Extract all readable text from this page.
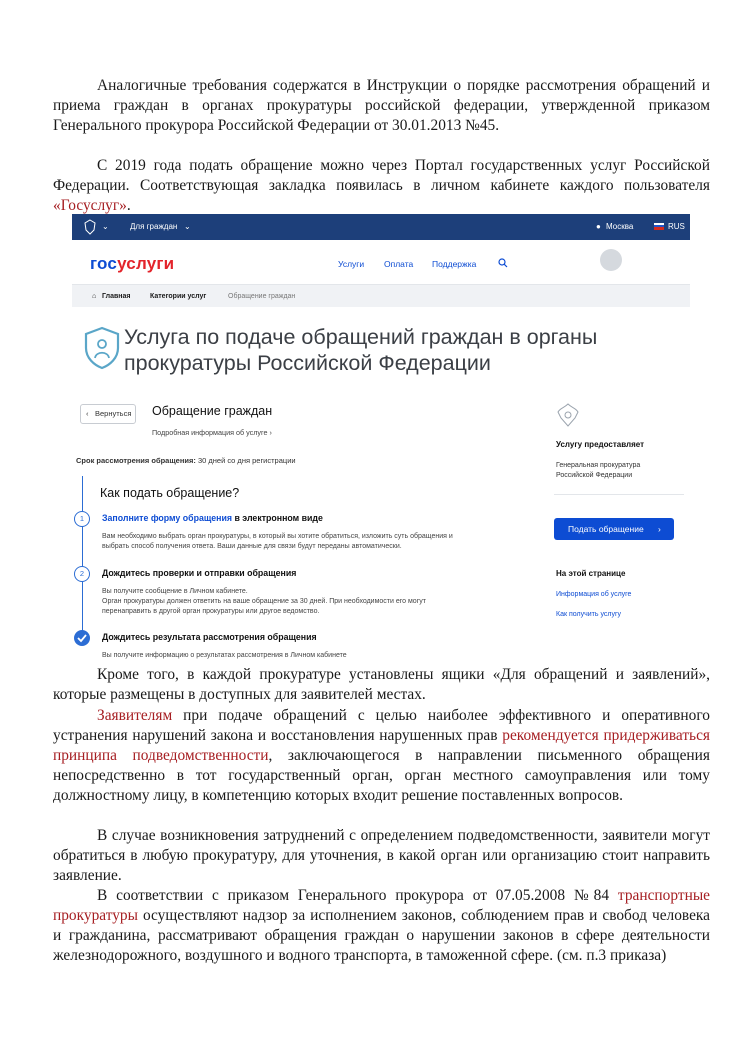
Аналогичные требования содержатся в Инструкции о порядке рассмотрения обращений и приема граждан в органах прокуратуры российской федерации, утвержденной приказом Генерального прокурора Российской Федерации от 30.01.2013 №45.

С 2019 года подать обращение можно через Портал государственных услуг Российской Федерации. Соответствующая закладка появилась в личном кабинете каждого пользователя «Госуслуг».

⌄	Для граждан ⌄	● Москва	RUS
госуслуги	Услуги Оплата Поддержка
⌂ Главная	Категории услуг	Обращение граждан
Услуга по подаче обращений граждан в органы
прокуратуры Российской Федерации
‹ Вернуться Обращение граждан
Подробная информация об услуге ›
Срок рассмотрения обращения: 30 дней со дня регистрации
Как подать обращение?
1	Заполните форму обращения в электронном виде
Вам необходимо выбрать орган прокуратуры, в который вы хотите обратиться, изложить суть обращения и
выбрать способ получения ответа. Ваши данные для связи будут переданы автоматически.
2	Дождитесь проверки и отправки обращения
Вы получите сообщение в Личном кабинете.
Орган прокуратуры должен ответить на ваше обращение за 30 дней. При необходимости его могут
перенаправить в другой орган прокуратуры или другое ведомство.
Дождитесь результата рассмотрения обращения
Вы получите информацию о результатах рассмотрения в Личном кабинете
Услугу предоставляет
Генеральная прокуратура
Российской Федерации
Подать обращение ›
На этой странице
Информация об услуге
Как получить услугу

Кроме того, в каждой прокуратуре установлены ящики «Для обращений и заявлений», которые размещены в доступных для заявителей местах.

Заявителям при подаче обращений с целью наиболее эффективного и оперативного устранения нарушений закона и восстановления нарушенных прав рекомендуется придерживаться принципа подведомственности, заключающегося в направлении письменного обращения непосредственно в тот государственный орган, орган местного самоуправления или тому должностному лицу, в компетенцию которых входит решение поставленных вопросов.

В случае возникновения затруднений с определением подведомственности, заявители могут обратиться в любую прокуратуру, для уточнения, в какой орган или организацию стоит направить заявление.

В соответствии с приказом Генерального прокурора от 07.05.2008 №84 транспортные прокуратуры осуществляют надзор за исполнением законов, соблюдением прав и свобод человека и гражданина, рассматривают обращения граждан о нарушении законов в сфере деятельности железнодорожного, воздушного и водного транспорта, в таможенной сфере. (см. п.3 приказа)
